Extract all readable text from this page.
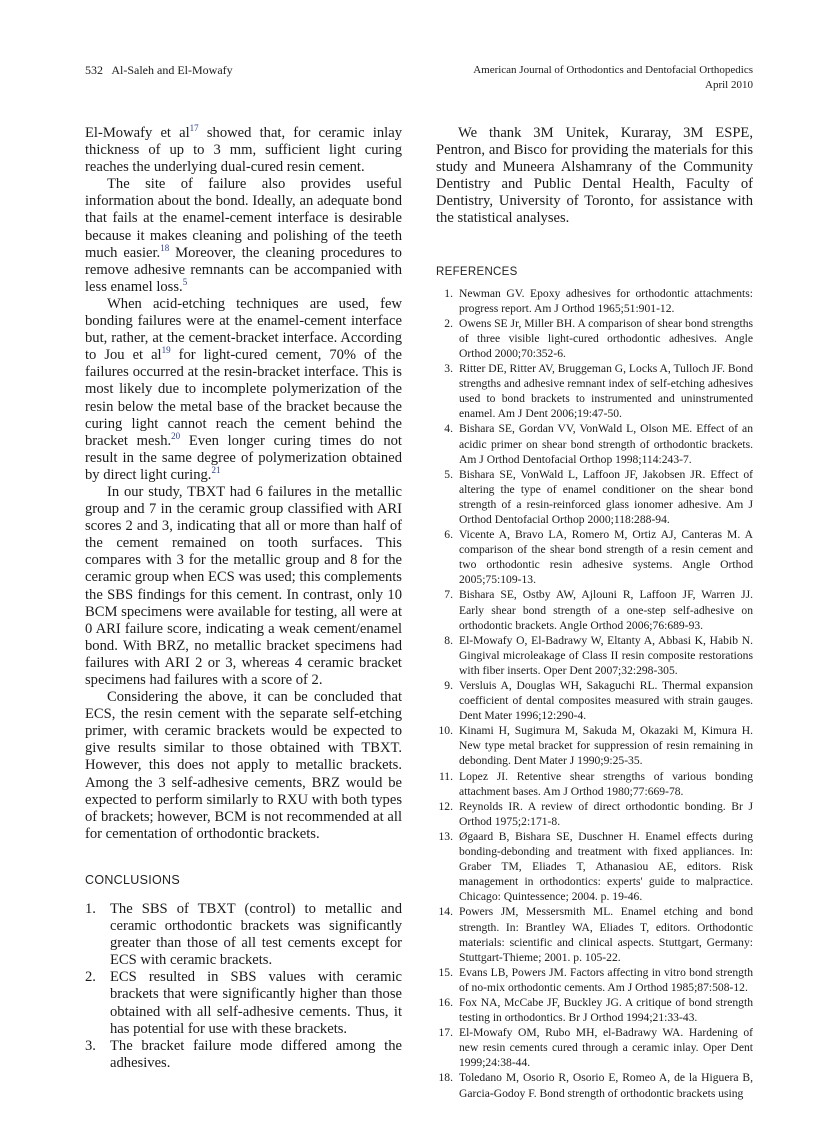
532 Al-Saleh and El-Mowafy	American Journal of Orthodontics and Dentofacial Orthopedics
April 2010

El-Mowafy et $al^{17}$ showed that, for ceramic inlay thickness of up to 3 mm, sufficient light curing reaches the underlying dual-cured resin cement.

The site of failure also provides useful information about the bond. Ideally, an adequate bond that fails at the enamel-cement interface is desirable because it makes cleaning and polishing of the teeth much easier.$^{18}$ Moreover, the cleaning procedures to remove adhesive remnants can be accompanied with less enamel loss.$^5$

When acid-etching techniques are used, few bonding failures were at the enamel-cement interface but, rather, at the cement-bracket interface. According to Jou et $al^{19}$ for light-cured cement, 70% of the failures occurred at the resin-bracket interface. This is most likely due to incomplete polymerization of the resin below the metal base of the bracket because the curing light cannot reach the cement behind the bracket mesh.$^{20}$ Even longer curing times do not result in the same degree of polymerization obtained by direct light curing.$^{21}$

In our study, TBXT had 6 failures in the metallic group and 7 in the ceramic group classified with ARI scores 2 and 3, indicating that all or more than half of the cement remained on tooth surfaces. This compares with 3 for the metallic group and 8 for the ceramic group when ECS was used; this complements the SBS findings for this cement. In contrast, only 10 BCM specimens were available for testing, all were at 0 ARI failure score, indicating a weak cement/enamel bond. With BRZ, no metallic bracket specimens had failures with ARI 2 or 3, whereas 4 ceramic bracket specimens had failures with a score of 2.

Considering the above, it can be concluded that ECS, the resin cement with the separate self-etching primer, with ceramic brackets would be expected to give results similar to those obtained with TBXT. However, this does not apply to metallic brackets. Among the 3 self-adhesive cements, BRZ would be expected to perform similarly to RXU with both types of brackets; however, BCM is not recommended at all for cementation of orthodontic brackets.

CONCLUSIONS
1. The SBS of TBXT (control) to metallic and ceramic orthodontic brackets was significantly greater than those of all test cements except for ECS with ceramic brackets.
2. ECS resulted in SBS values with ceramic brackets that were significantly higher than those obtained with all self-adhesive cements. Thus, it has potential for use with these brackets.
3. The bracket failure mode differed among the adhesives.

We thank 3M Unitek, Kuraray, 3M ESPE, Pentron, and Bisco for providing the materials for this study and Muneera Alshamrany of the Community Dentistry and Public Dental Health, Faculty of Dentistry, University of Toronto, for assistance with the statistical analyses.

REFERENCES
1. Newman GV. Epoxy adhesives for orthodontic attachments: progress report. Am J Orthod 1965;51:901-12.
2. Owens SE Jr, Miller BH. A comparison of shear bond strengths of three visible light-cured orthodontic adhesives. Angle Orthod 2000;70:352-6.
3. Ritter DE, Ritter AV, Bruggeman G, Locks A, Tulloch JF. Bond strengths and adhesive remnant index of self-etching adhesives used to bond brackets to instrumented and uninstrumented enamel. Am J Dent 2006;19:47-50.
4. Bishara SE, Gordan VV, VonWald L, Olson ME. Effect of an acidic primer on shear bond strength of orthodontic brackets. Am J Orthod Dentofacial Orthop 1998;114:243-7.
5. Bishara SE, VonWald L, Laffoon JF, Jakobsen JR. Effect of altering the type of enamel conditioner on the shear bond strength of a resin-reinforced glass ionomer adhesive. Am J Orthod Dentofacial Orthop 2000;118:288-94.
6. Vicente A, Bravo LA, Romero M, Ortiz AJ, Canteras M. A comparison of the shear bond strength of a resin cement and two orthodontic resin adhesive systems. Angle Orthod 2005;75:109-13.
7. Bishara SE, Ostby AW, Ajlouni R, Laffoon JF, Warren JJ. Early shear bond strength of a one-step self-adhesive on orthodontic brackets. Angle Orthod 2006;76:689-93.
8. El-Mowafy O, El-Badrawy W, Eltanty A, Abbasi K, Habib N. Gingival microleakage of Class II resin composite restorations with fiber inserts. Oper Dent 2007;32:298-305.
9. Versluis A, Douglas WH, Sakaguchi RL. Thermal expansion coefficient of dental composites measured with strain gauges. Dent Mater 1996;12:290-4.
10. Kinami H, Sugimura M, Sakuda M, Okazaki M, Kimura H. New type metal bracket for suppression of resin remaining in debonding. Dent Mater J 1990;9:25-35.
11. Lopez JI. Retentive shear strengths of various bonding attachment bases. Am J Orthod 1980;77:669-78.
12. Reynolds IR. A review of direct orthodontic bonding. Br J Orthod 1975;2:171-8.
13. Øgaard B, Bishara SE, Duschner H. Enamel effects during bonding-debonding and treatment with fixed appliances. In: Graber TM, Eliades T, Athanasiou AE, editors. Risk management in orthodontics: experts' guide to malpractice. Chicago: Quintessence; 2004. p. 19-46.
14. Powers JM, Messersmith ML. Enamel etching and bond strength. In: Brantley WA, Eliades T, editors. Orthodontic materials: scientific and clinical aspects. Stuttgart, Germany: Stuttgart-Thieme; 2001. p. 105-22.
15. Evans LB, Powers JM. Factors affecting in vitro bond strength of no-mix orthodontic cements. Am J Orthod 1985;87:508-12.
16. Fox NA, McCabe JF, Buckley JG. A critique of bond strength testing in orthodontics. Br J Orthod 1994;21:33-43.
17. El-Mowafy OM, Rubo MH, el-Badrawy WA. Hardening of new resin cements cured through a ceramic inlay. Oper Dent 1999;24:38-44.
18. Toledano M, Osorio R, Osorio E, Romeo A, de la Higuera B, Garcia-Godoy F. Bond strength of orthodontic brackets using
